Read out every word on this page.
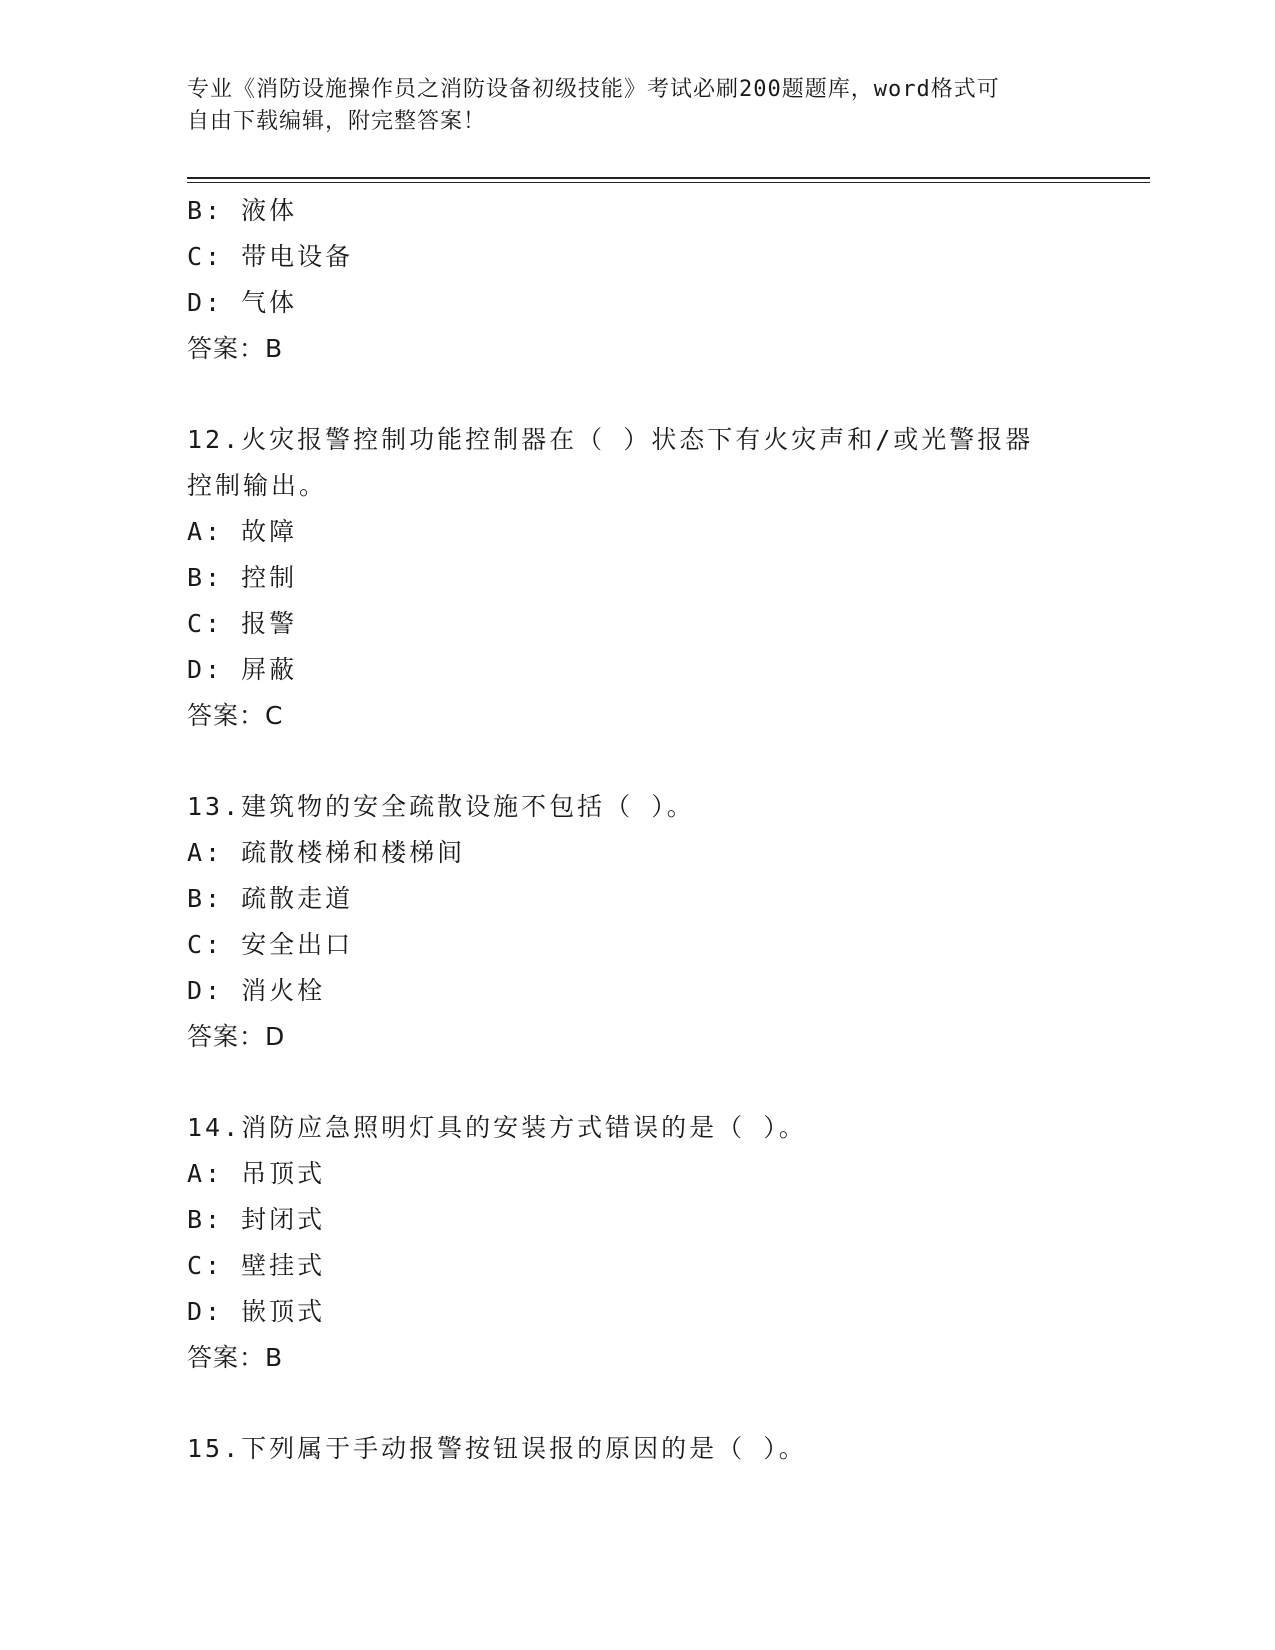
专业《消防设施操作员之消防设备初级技能》考试必刷200题题库，word格式可
自由下载编辑，附完整答案！
B: 液体
C: 带电设备
D: 气体
答案：B
12.火灾报警控制功能控制器在（ ）状态下有火灾声和/或光警报器
控制输出。
A: 故障
B: 控制
C: 报警
D: 屏蔽
答案：C
13.建筑物的安全疏散设施不包括（ ）。
A: 疏散楼梯和楼梯间
B: 疏散走道
C: 安全出口
D: 消火栓
答案：D
14.消防应急照明灯具的安装方式错误的是（ ）。
A: 吊顶式
B: 封闭式
C: 壁挂式
D: 嵌顶式
答案：B
15.下列属于手动报警按钮误报的原因的是（ ）。
